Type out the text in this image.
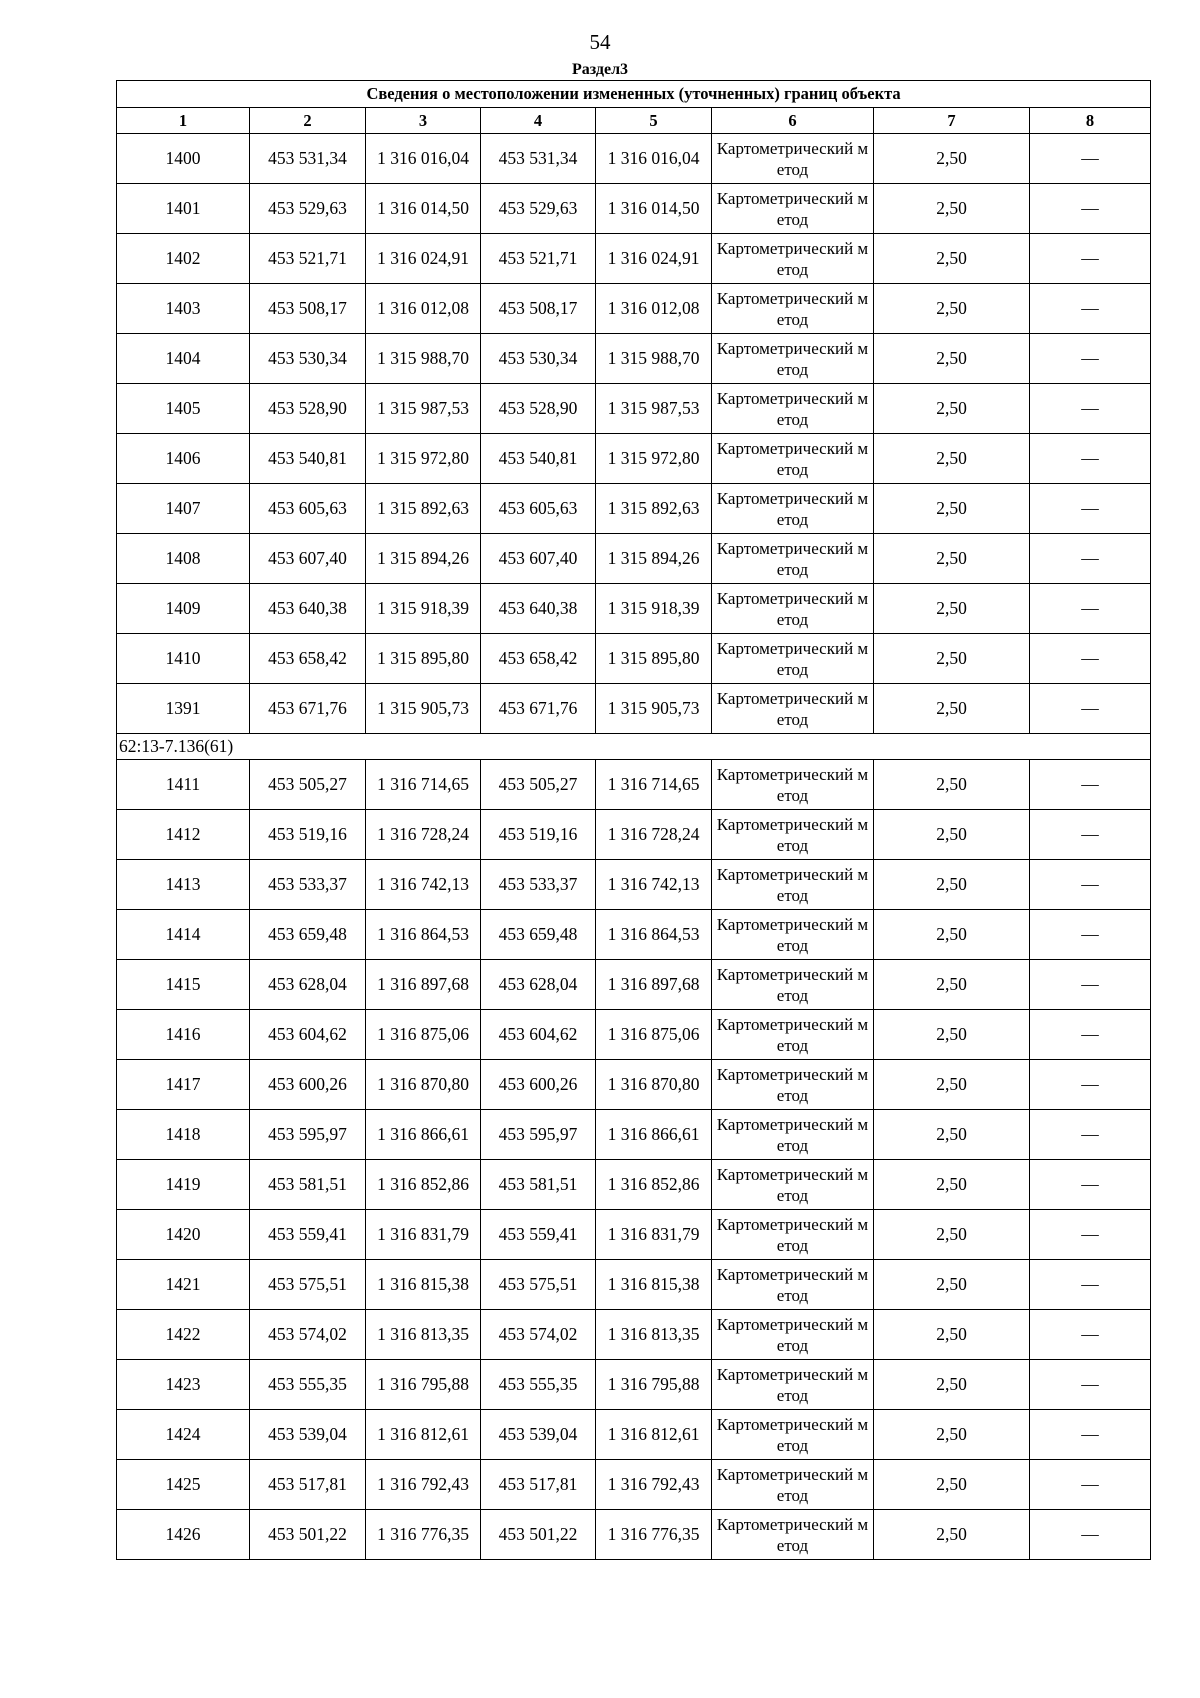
54
Раздел3
Сведения о местоположении измененных (уточненных) границ объекта							
1	2	3	4	5	6	7	8
1400	453 531,34	1 316 016,04	453 531,34	1 316 016,04	Картометрический метод	2,50	—
1401	453 529,63	1 316 014,50	453 529,63	1 316 014,50	Картометрический метод	2,50	—
1402	453 521,71	1 316 024,91	453 521,71	1 316 024,91	Картометрический метод	2,50	—
1403	453 508,17	1 316 012,08	453 508,17	1 316 012,08	Картометрический метод	2,50	—
1404	453 530,34	1 315 988,70	453 530,34	1 315 988,70	Картометрический метод	2,50	—
1405	453 528,90	1 315 987,53	453 528,90	1 315 987,53	Картометрический метод	2,50	—
1406	453 540,81	1 315 972,80	453 540,81	1 315 972,80	Картометрический метод	2,50	—
1407	453 605,63	1 315 892,63	453 605,63	1 315 892,63	Картометрический метод	2,50	—
1408	453 607,40	1 315 894,26	453 607,40	1 315 894,26	Картометрический метод	2,50	—
1409	453 640,38	1 315 918,39	453 640,38	1 315 918,39	Картометрический метод	2,50	—
1410	453 658,42	1 315 895,80	453 658,42	1 315 895,80	Картометрический метод	2,50	—
1391	453 671,76	1 315 905,73	453 671,76	1 315 905,73	Картометрический метод	2,50	—
62:13-7.136(61)							
1411	453 505,27	1 316 714,65	453 505,27	1 316 714,65	Картометрический метод	2,50	—
1412	453 519,16	1 316 728,24	453 519,16	1 316 728,24	Картометрический метод	2,50	—
1413	453 533,37	1 316 742,13	453 533,37	1 316 742,13	Картометрический метод	2,50	—
1414	453 659,48	1 316 864,53	453 659,48	1 316 864,53	Картометрический метод	2,50	—
1415	453 628,04	1 316 897,68	453 628,04	1 316 897,68	Картометрический метод	2,50	—
1416	453 604,62	1 316 875,06	453 604,62	1 316 875,06	Картометрический метод	2,50	—
1417	453 600,26	1 316 870,80	453 600,26	1 316 870,80	Картометрический метод	2,50	—
1418	453 595,97	1 316 866,61	453 595,97	1 316 866,61	Картометрический метод	2,50	—
1419	453 581,51	1 316 852,86	453 581,51	1 316 852,86	Картометрический метод	2,50	—
1420	453 559,41	1 316 831,79	453 559,41	1 316 831,79	Картометрический метод	2,50	—
1421	453 575,51	1 316 815,38	453 575,51	1 316 815,38	Картометрический метод	2,50	—
1422	453 574,02	1 316 813,35	453 574,02	1 316 813,35	Картометрический метод	2,50	—
1423	453 555,35	1 316 795,88	453 555,35	1 316 795,88	Картометрический метод	2,50	—
1424	453 539,04	1 316 812,61	453 539,04	1 316 812,61	Картометрический метод	2,50	—
1425	453 517,81	1 316 792,43	453 517,81	1 316 792,43	Картометрический метод	2,50	—
1426	453 501,22	1 316 776,35	453 501,22	1 316 776,35	Картометрический метод	2,50	—
